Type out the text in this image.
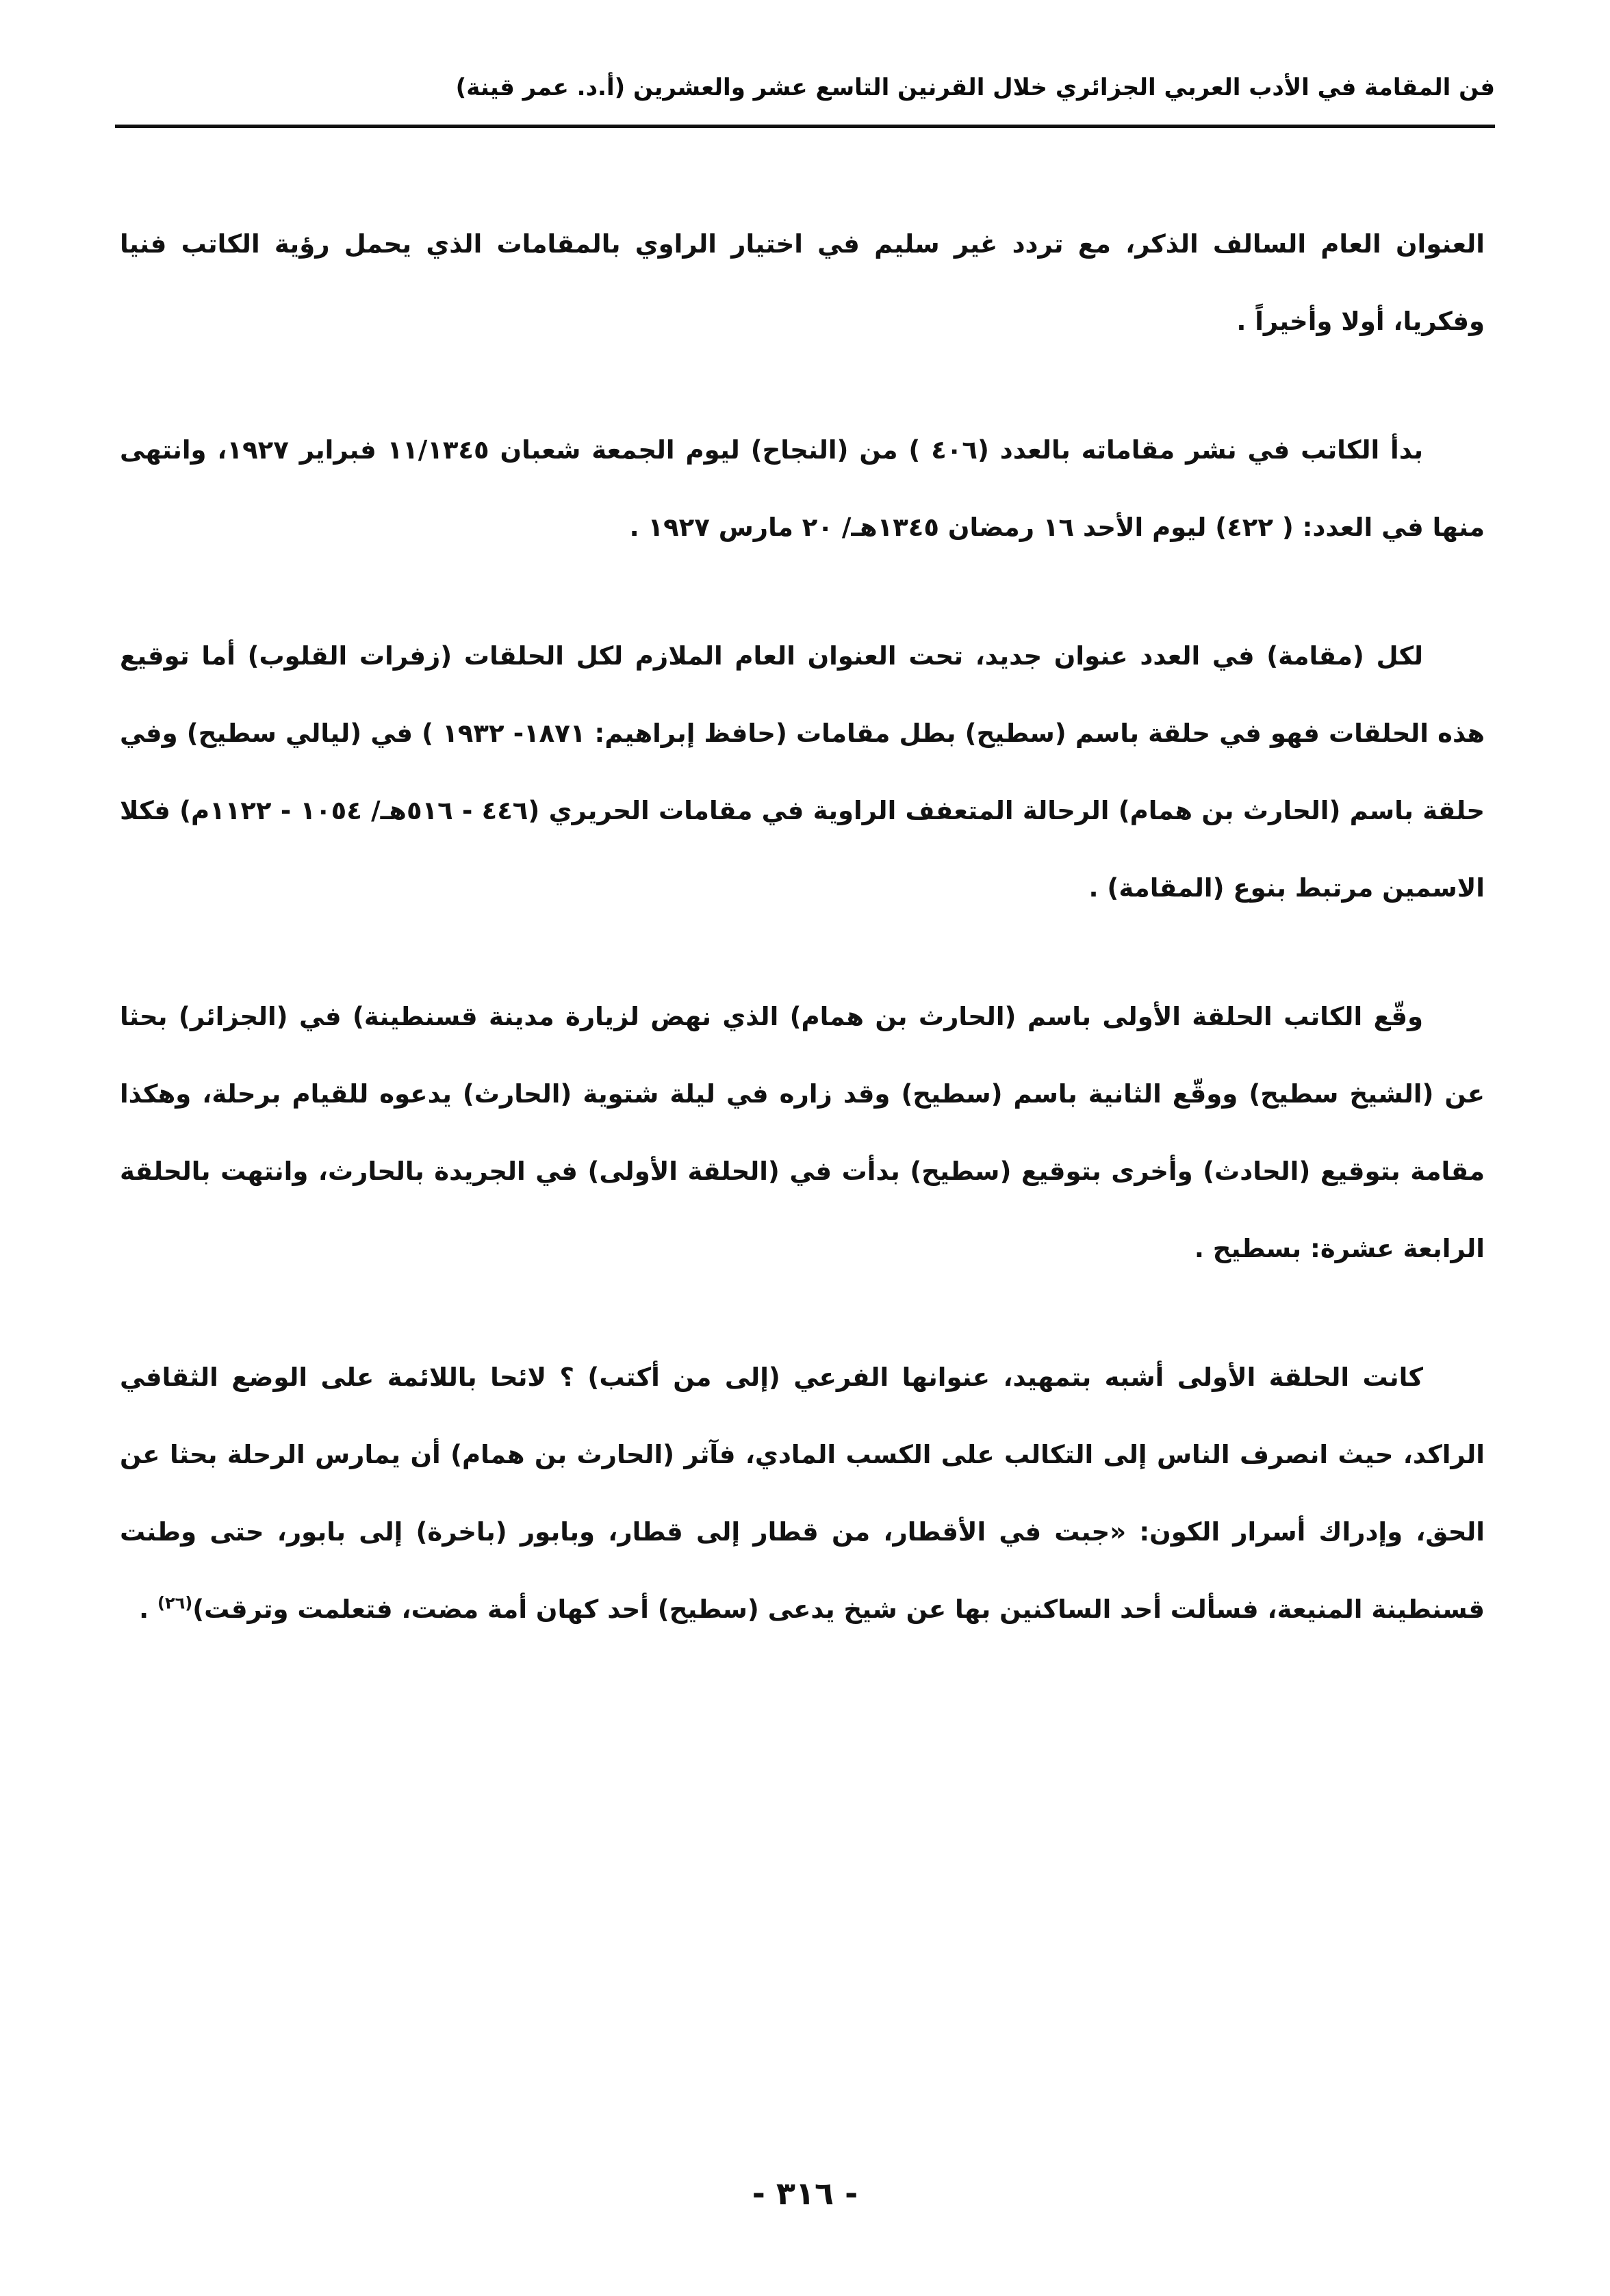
فن المقامة في الأدب العربي الجزائري خلال القرنين التاسع عشر والعشرين (أ.د. عمر قينة)

العنوان العام السالف الذكر، مع تردد غير سليم في اختيار الراوي بالمقامات الذي يحمل رؤية الكاتب فنيا وفكريا، أولا وأخيراً .

بدأ الكاتب في نشر مقاماته بالعدد (٤٠٦ ) من (النجاح) ليوم الجمعة شعبان ١١/١٣٤٥ فبراير ١٩٢٧، وانتهى منها في العدد: ( ٤٢٢) ليوم الأحد ١٦ رمضان ١٣٤٥هـ/ ٢٠ مارس ١٩٢٧ .

لكل (مقامة) في العدد عنوان جديد، تحت العنوان العام الملازم لكل الحلقات (زفرات القلوب) أما توقيع هذه الحلقات فهو في حلقة باسم (سطيح) بطل مقامات (حافظ إبراهيم: ١٨٧١- ١٩٣٢ ) في (ليالي سطيح) وفي حلقة باسم (الحارث بن همام) الرحالة المتعفف الراوية في مقامات الحريري (٤٤٦ - ٥١٦هـ/ ١٠٥٤ - ١١٢٢م) فكلا الاسمين مرتبط بنوع (المقامة) .

وقّع الكاتب الحلقة الأولى باسم (الحارث بن همام) الذي نهض لزيارة مدينة قسنطينة) في (الجزائر) بحثا عن (الشيخ سطيح) ووقّع الثانية باسم (سطيح) وقد زاره في ليلة شتوية (الحارث) يدعوه للقيام برحلة، وهكذا مقامة بتوقيع (الحادث) وأخرى بتوقيع (سطيح) بدأت في (الحلقة الأولى) في الجريدة بالحارث، وانتهت بالحلقة الرابعة عشرة: بسطيح .

كانت الحلقة الأولى أشبه بتمهيد، عنوانها الفرعي (إلى من أكتب) ؟ لائحا باللائمة على الوضع الثقافي الراكد، حيث انصرف الناس إلى التكالب على الكسب المادي، فآثر (الحارث بن همام) أن يمارس الرحلة بحثا عن الحق، وإدراك أسرار الكون: «جبت في الأقطار، من قطار إلى قطار، وبابور (باخرة) إلى بابور، حتى وطنت قسنطينة المنيعة، فسألت أحد الساكنين بها عن شيخ يدعى (سطيح) أحد كهان أمة مضت، فتعلمت وترقت)$^{(٢٦)}$ .

- ٣١٦ -
